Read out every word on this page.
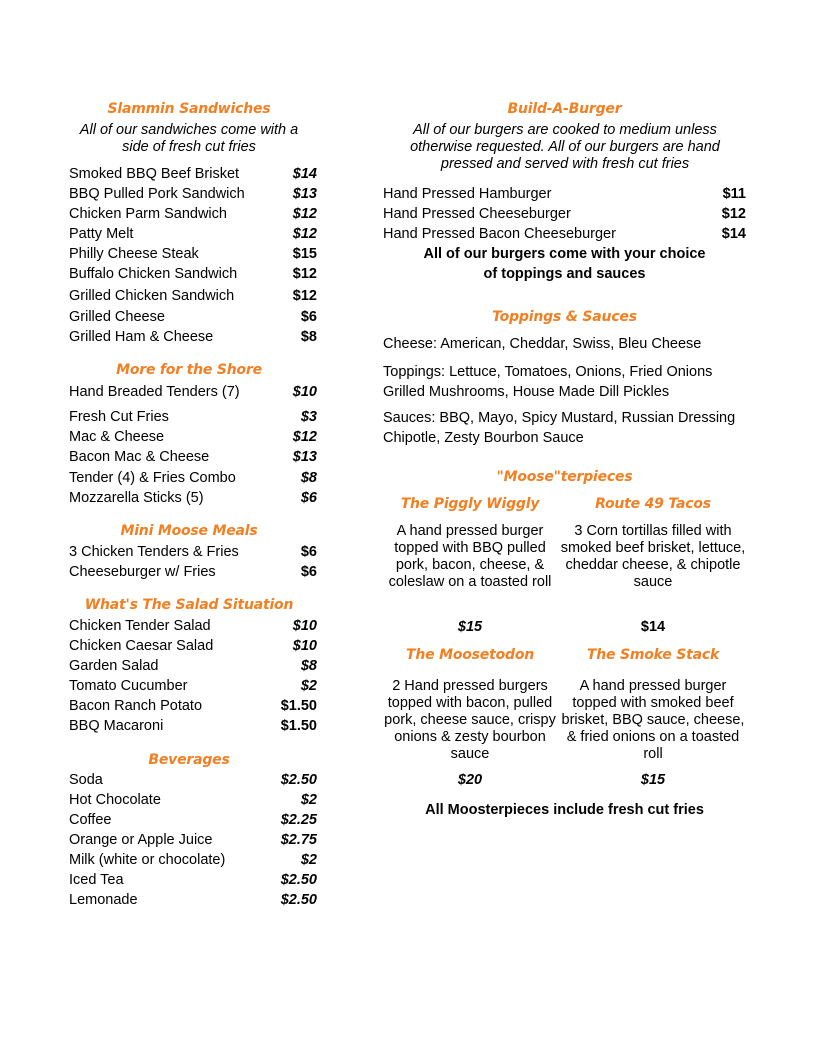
Slammin Sandwiches
All of our sandwiches come with a side of fresh cut fries
Smoked BBQ Beef Brisket	$14
BBQ Pulled Pork Sandwich	$13
Chicken Parm Sandwich	$12
Patty Melt	$12
Philly Cheese Steak	$15
Buffalo Chicken Sandwich	$12
Grilled Chicken Sandwich	$12
Grilled Cheese	$6
Grilled Ham & Cheese	$8
More for the Shore
Hand Breaded Tenders (7)	$10
Fresh Cut Fries	$3
Mac & Cheese	$12
Bacon Mac & Cheese	$13
Tender (4) & Fries Combo	$8
Mozzarella Sticks (5)	$6
Mini Moose Meals
3 Chicken Tenders & Fries	$6
Cheeseburger w/ Fries	$6
What's The Salad Situation
Chicken Tender Salad	$10
Chicken Caesar Salad	$10
Garden Salad	$8
Tomato Cucumber	$2
Bacon Ranch Potato	$1.50
BBQ Macaroni	$1.50
Beverages
Soda	$2.50
Hot Chocolate	$2
Coffee	$2.25
Orange or Apple Juice	$2.75
Milk (white or chocolate)	$2
Iced Tea	$2.50
Lemonade	$2.50
Build-A-Burger
All of our burgers are cooked to medium unless otherwise requested. All of our burgers are hand pressed and served with fresh cut fries
Hand Pressed Hamburger	$11
Hand Pressed Cheeseburger	$12
Hand Pressed Bacon Cheeseburger	$14
All of our burgers come with your choice
of toppings and sauces
Toppings & Sauces
Cheese: American, Cheddar, Swiss, Bleu Cheese
Toppings: Lettuce, Tomatoes, Onions, Fried Onions
Grilled Mushrooms, House Made Dill Pickles
Sauces: BBQ, Mayo, Spicy Mustard, Russian Dressing
Chipotle, Zesty Bourbon Sauce
"Moose"terpieces
The Piggly Wiggly
A hand pressed burger topped with BBQ pulled pork, bacon, cheese, & coleslaw on a toasted roll
$15
Route 49 Tacos
3 Corn tortillas filled with smoked beef brisket, lettuce, cheddar cheese, & chipotle sauce
$14
The Moosetodon
2 Hand pressed burgers topped with bacon, pulled pork, cheese sauce, crispy onions & zesty bourbon sauce
$20
The Smoke Stack
A hand pressed burger topped with smoked beef brisket, BBQ sauce, cheese, & fried onions on a toasted roll
$15
All Moosterpieces include fresh cut fries
